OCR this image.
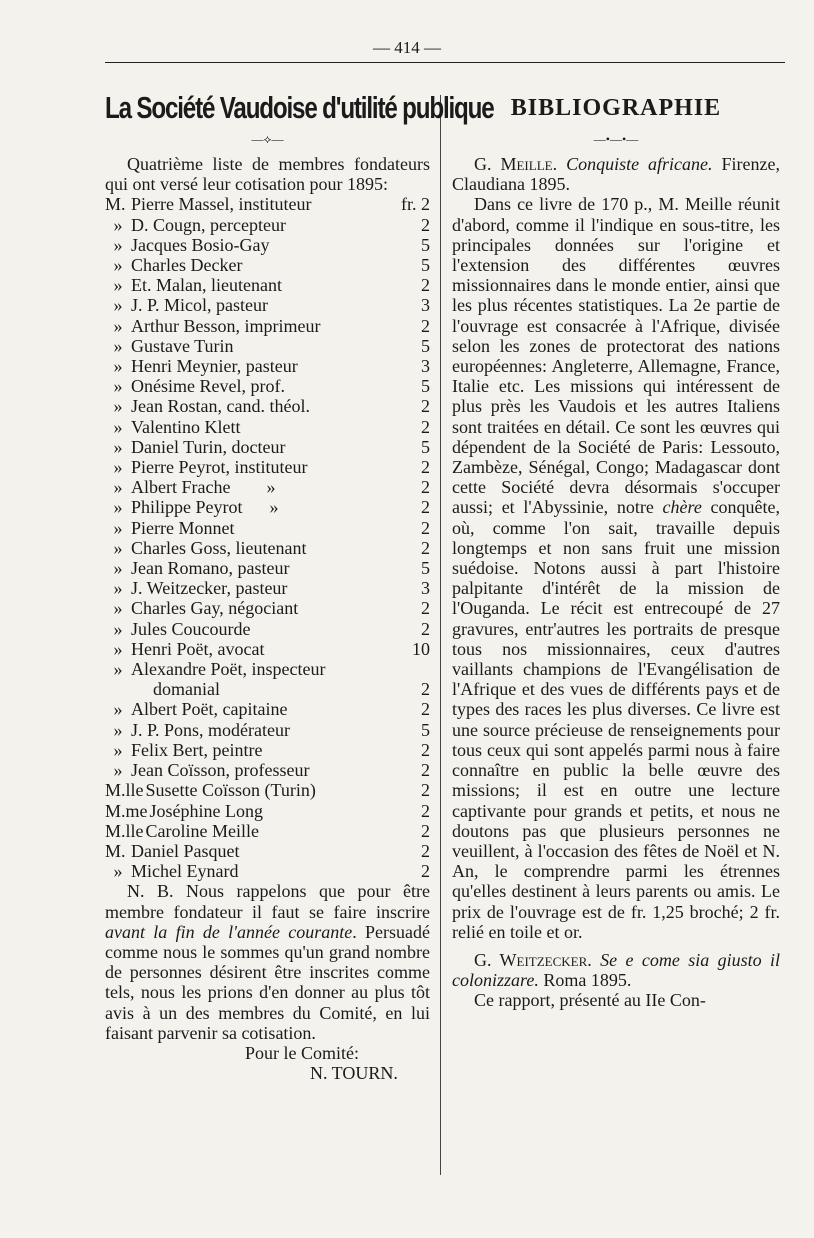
— 414 —
La Société Vaudoise d'utilité publique
—⟡—

Quatrième liste de membres fondateurs qui ont versé leur cotisation pour 1895:

M. Pierre Massel, instituteur	fr. 2
» D. Cougn, percepteur	2
» Jacques Bosio-Gay	5
» Charles Decker	5
» Et. Malan, lieutenant	2
» J. P. Micol, pasteur	3
» Arthur Besson, imprimeur	2
» Gustave Turin	5
» Henri Meynier, pasteur	3
» Onésime Revel, prof.	5
» Jean Rostan, cand. théol.	2
» Valentino Klett	2
» Daniel Turin, docteur	5
» Pierre Peyrot, instituteur	2
» Albert Frache        »	2
» Philippe Peyrot      »	2
» Pierre Monnet	2
» Charles Goss, lieutenant	2
» Jean Romano, pasteur	5
» J. Weitzecker, pasteur	3
» Charles Gay, négociant	2
» Jules Coucourde	2
» Henri Poët, avocat	10
» Alexandre Poët, inspecteur
domanial	2
» Albert Poët, capitaine	2
» J. P. Pons, modérateur	5
» Felix Bert, peintre	2
» Jean Coïsson, professeur	2
M.lle Susette Coïsson (Turin)	2
M.me Joséphine Long	2
M.lle Caroline Meille	2
M. Daniel Pasquet	2
» Michel Eynard	2

N. B. Nous rappelons que pour être membre fondateur il faut se faire inscrire avant la fin de l'année courante. Persuadé comme nous le sommes qu'un grand nombre de personnes désirent être inscrites comme tels, nous les prions d'en donner au plus tôt avis à un des membres du Comité, en lui faisant parvenir sa cotisation.

Pour le Comité:
N. TOURN.
BIBLIOGRAPHIE
—•—•—

G. Meille. Conquiste africane. Firenze, Claudiana 1895.

Dans ce livre de 170 p., M. Meille réunit d'abord, comme il l'indique en sous-titre, les principales données sur l'origine et l'extension des différentes œuvres missionnaires dans le monde entier, ainsi que les plus récentes statistiques. La 2e partie de l'ouvrage est consacrée à l'Afrique, divisée selon les zones de protectorat des nations européennes: Angleterre, Allemagne, France, Italie etc. Les missions qui intéressent de plus près les Vaudois et les autres Italiens sont traitées en détail. Ce sont les œuvres qui dépendent de la Société de Paris: Lessouto, Zambèze, Sénégal, Congo; Madagascar dont cette Société devra désormais s'occuper aussi; et l'Abyssinie, notre chère conquête, où, comme l'on sait, travaille depuis longtemps et non sans fruit une mission suédoise. Notons aussi à part l'histoire palpitante d'intérêt de la mission de l'Ouganda. Le récit est entrecoupé de 27 gravures, entr'autres les portraits de presque tous nos missionnaires, ceux d'autres vaillants champions de l'Evangélisation de l'Afrique et des vues de différents pays et de types des races les plus diverses. Ce livre est une source précieuse de renseignements pour tous ceux qui sont appelés parmi nous à faire connaître en public la belle œuvre des missions; il est en outre une lecture captivante pour grands et petits, et nous ne doutons pas que plusieurs personnes ne veuillent, à l'occasion des fêtes de Noël et N. An, le comprendre parmi les étrennes qu'elles destinent à leurs parents ou amis. Le prix de l'ouvrage est de fr. 1,25 broché; 2 fr. relié en toile et or.

G. Weitzecker. Se e come sia giusto il colonizzare. Roma 1895.

Ce rapport, présenté au IIe Con-
